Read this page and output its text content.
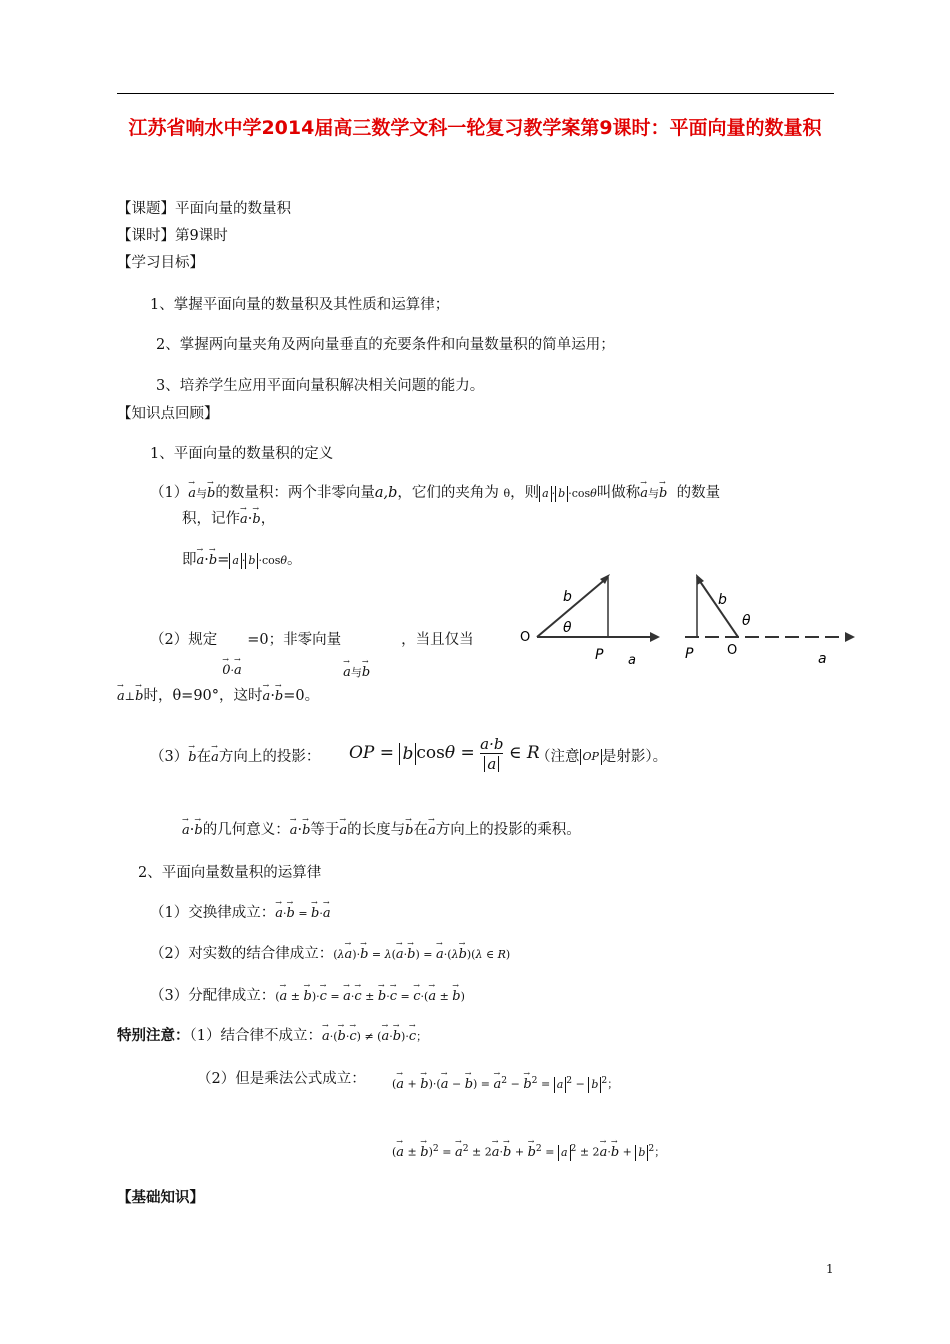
江苏省响水中学2014届高三数学文科一轮复习教学案第9课时：平面向量的数量积
【课题】平面向量的数量积
【课时】第9课时
【学习目标】
1、掌握平面向量的数量积及其性质和运算律；
2、掌握两向量夹角及两向量垂直的充要条件和向量数量积的简单运用；
3、培养学生应用平面向量积解决相关问题的能力。
【知识点回顾】
1、平面向量的数量积的定义
（1）→ a与→ b的数量积：两个非零向量a,b，它们的夹角为 θ，则 a · b ·cosθ叫做称→ a与→ b 的数量
积，记作→ a·→ b，
即→ a·→ b= a · b ·cosθ。
O
b
θ
P a
b
θ
P	O
a
（2）规定
→ 0·→ a
=0；非零向量
→ a与→ b
，当且仅当
→ a⊥→ b时，θ=90°，这时→ a·→ b=0。
（3）→ b在→ a方向上的投影： OP = b $\cos\theta = \frac{a\cdot b}{a}$ ∈ R
（注意 OP 是射影）。
→ a·→ b的几何意义：→ a·→ b等于→ a的长度与→ b在→ a方向上的投影的乘积。
2、平面向量数量积的运算律
（1）交换律成立：→ a·→ b = → b·→ a
（2）对实数的结合律成立：(λ→ a)·→ b = λ(→ a·→ b) = → a·(λ→ b)(λ ∈ R)
（3）分配律成立：(→ a ± → b)·→ c = → a·→ c ± → b·→ c = → c·(→ a ± → b)
特别注意：（1）结合律不成立：→ a·(→ b·→ c) ≠ (→ a·→ b)·→ c；
（2）但是乘法公式成立： (→ a + → b)·(→ a − → b) = → $a^2$ − → $b^2 = a$ $^2$ − b $^2$；
(→ a ± → b)$^2$ = → $a^2 \pm 2\to a\cdot\to b$ + → $b^2 = a$ $^2$ ± 2→ a·→ b + b $^2$；
【基础知识】
1
